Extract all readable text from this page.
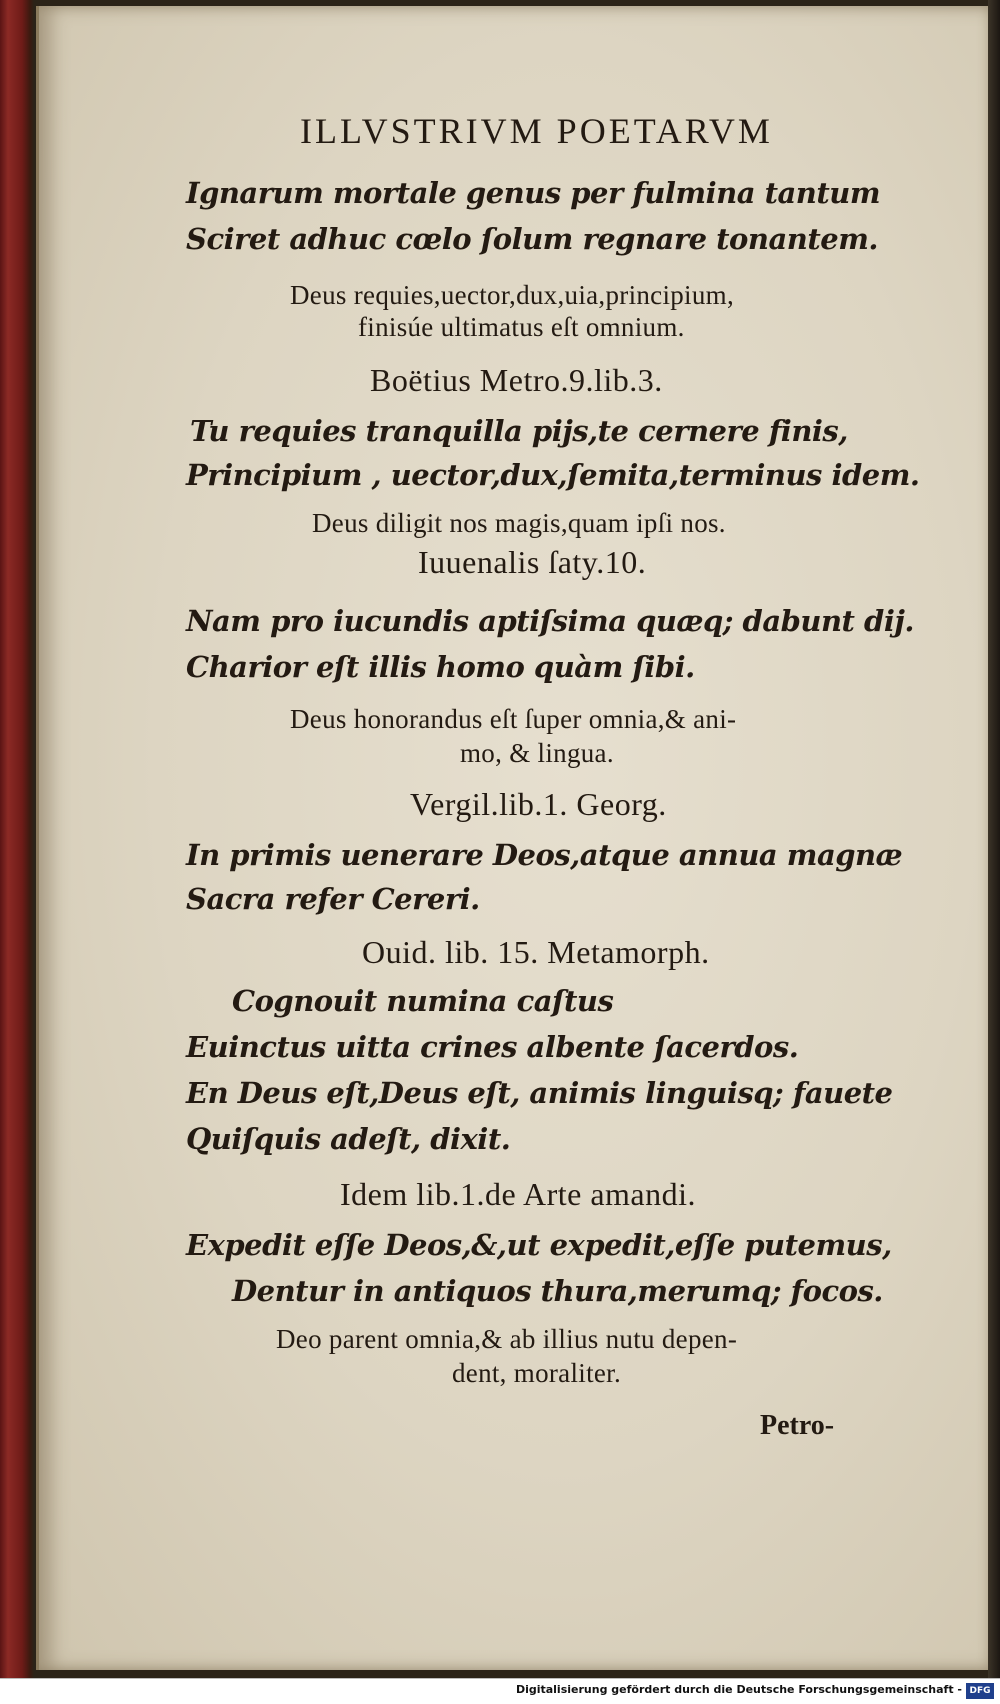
ILLVSTRIVM POETARVM
Ignarum mortale genus per fulmina tantum
Sciret adhuc cœlo ſolum regnare tonantem.
Deus requies,uector,dux,uia,principium,
finisúe ultimatus eſt omnium.
Boëtius Metro.9.lib.3.
Tu requies tranquilla pijs,te cernere finis,
Principium , uector,dux,ſemita,terminus idem.
Deus diligit nos magis,quam ipſi nos.
Iuuenalis ſaty.10.
Nam pro iucundis aptiſsima quæq; dabunt dij.
Charior eſt illis homo quàm ſibi.
Deus honorandus eſt ſuper omnia,& ani-
mo, & lingua.
Vergil.lib.1. Georg.
In primis uenerare Deos,atque annua magnæ
Sacra refer Cereri.
Ouid. lib. 15. Metamorph.
Cognouit numina caſtus
Euinctus uitta crines albente ſacerdos.
En Deus eſt,Deus eſt, animis linguisq; fauete
Quiſquis adeſt, dixit.
Idem lib.1.de Arte amandi.
Expedit eſſe Deos,&,ut expedit,eſſe putemus,
Dentur in antiquos thura,merumq; focos.
Deo parent omnia,& ab illius nutu depen-
dent, moraliter.
Petro-
Digitalisierung gefördert durch die Deutsche Forschungsgemeinschaft - DFG
